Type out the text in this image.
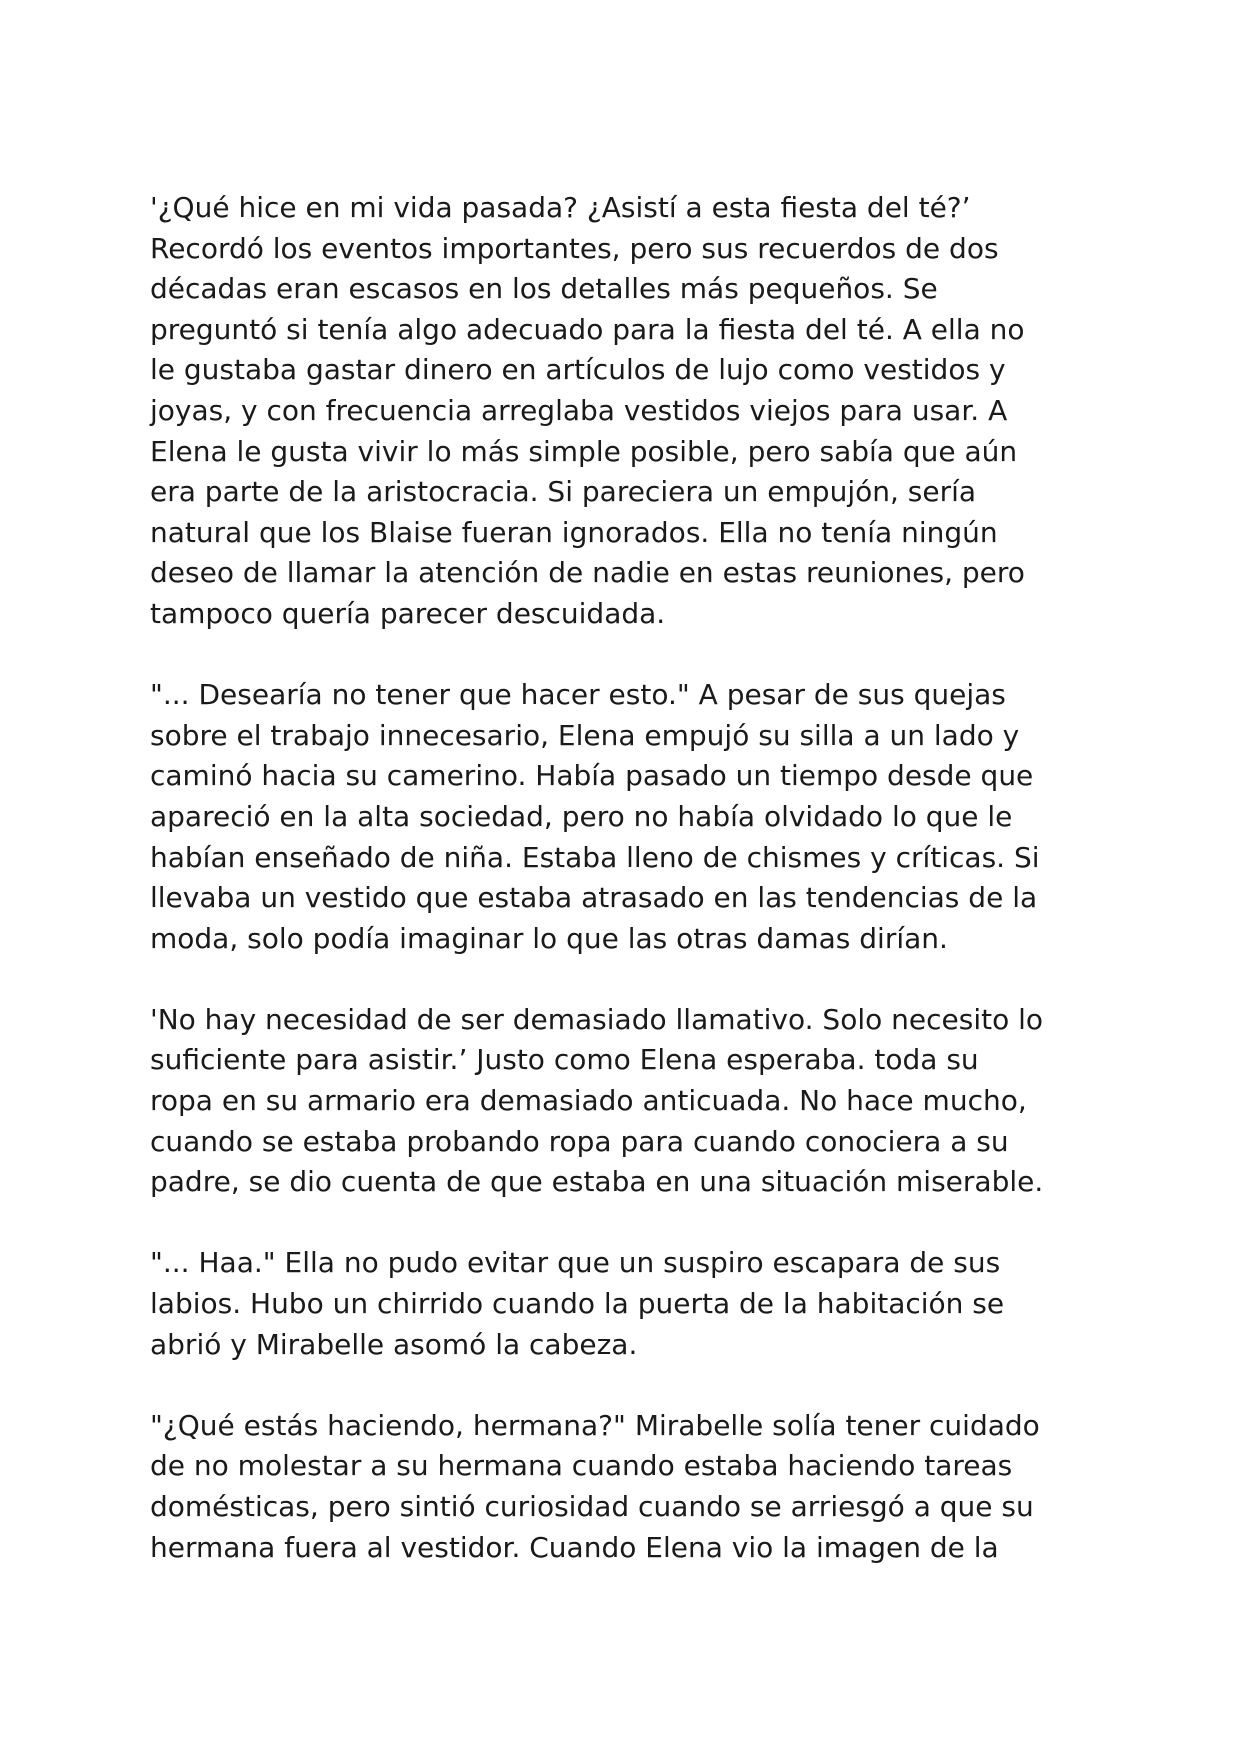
'¿Qué hice en mi vida pasada? ¿Asistí a esta fiesta del té?’
Recordó los eventos importantes, pero sus recuerdos de dos
décadas eran escasos en los detalles más pequeños. Se
preguntó si tenía algo adecuado para la fiesta del té. A ella no
le gustaba gastar dinero en artículos de lujo como vestidos y
joyas, y con frecuencia arreglaba vestidos viejos para usar. A
Elena le gusta vivir lo más simple posible, pero sabía que aún
era parte de la aristocracia. Si pareciera un empujón, sería
natural que los Blaise fueran ignorados. Ella no tenía ningún
deseo de llamar la atención de nadie en estas reuniones, pero
tampoco quería parecer descuidada.

"... Desearía no tener que hacer esto." A pesar de sus quejas
sobre el trabajo innecesario, Elena empujó su silla a un lado y
caminó hacia su camerino. Había pasado un tiempo desde que
apareció en la alta sociedad, pero no había olvidado lo que le
habían enseñado de niña. Estaba lleno de chismes y críticas. Si
llevaba un vestido que estaba atrasado en las tendencias de la
moda, solo podía imaginar lo que las otras damas dirían.

'No hay necesidad de ser demasiado llamativo. Solo necesito lo
suficiente para asistir.’ Justo como Elena esperaba. toda su
ropa en su armario era demasiado anticuada. No hace mucho,
cuando se estaba probando ropa para cuando conociera a su
padre, se dio cuenta de que estaba en una situación miserable.

"... Haa." Ella no pudo evitar que un suspiro escapara de sus
labios. Hubo un chirrido cuando la puerta de la habitación se
abrió y Mirabelle asomó la cabeza.

"¿Qué estás haciendo, hermana?" Mirabelle solía tener cuidado
de no molestar a su hermana cuando estaba haciendo tareas
domésticas, pero sintió curiosidad cuando se arriesgó a que su
hermana fuera al vestidor. Cuando Elena vio la imagen de la
